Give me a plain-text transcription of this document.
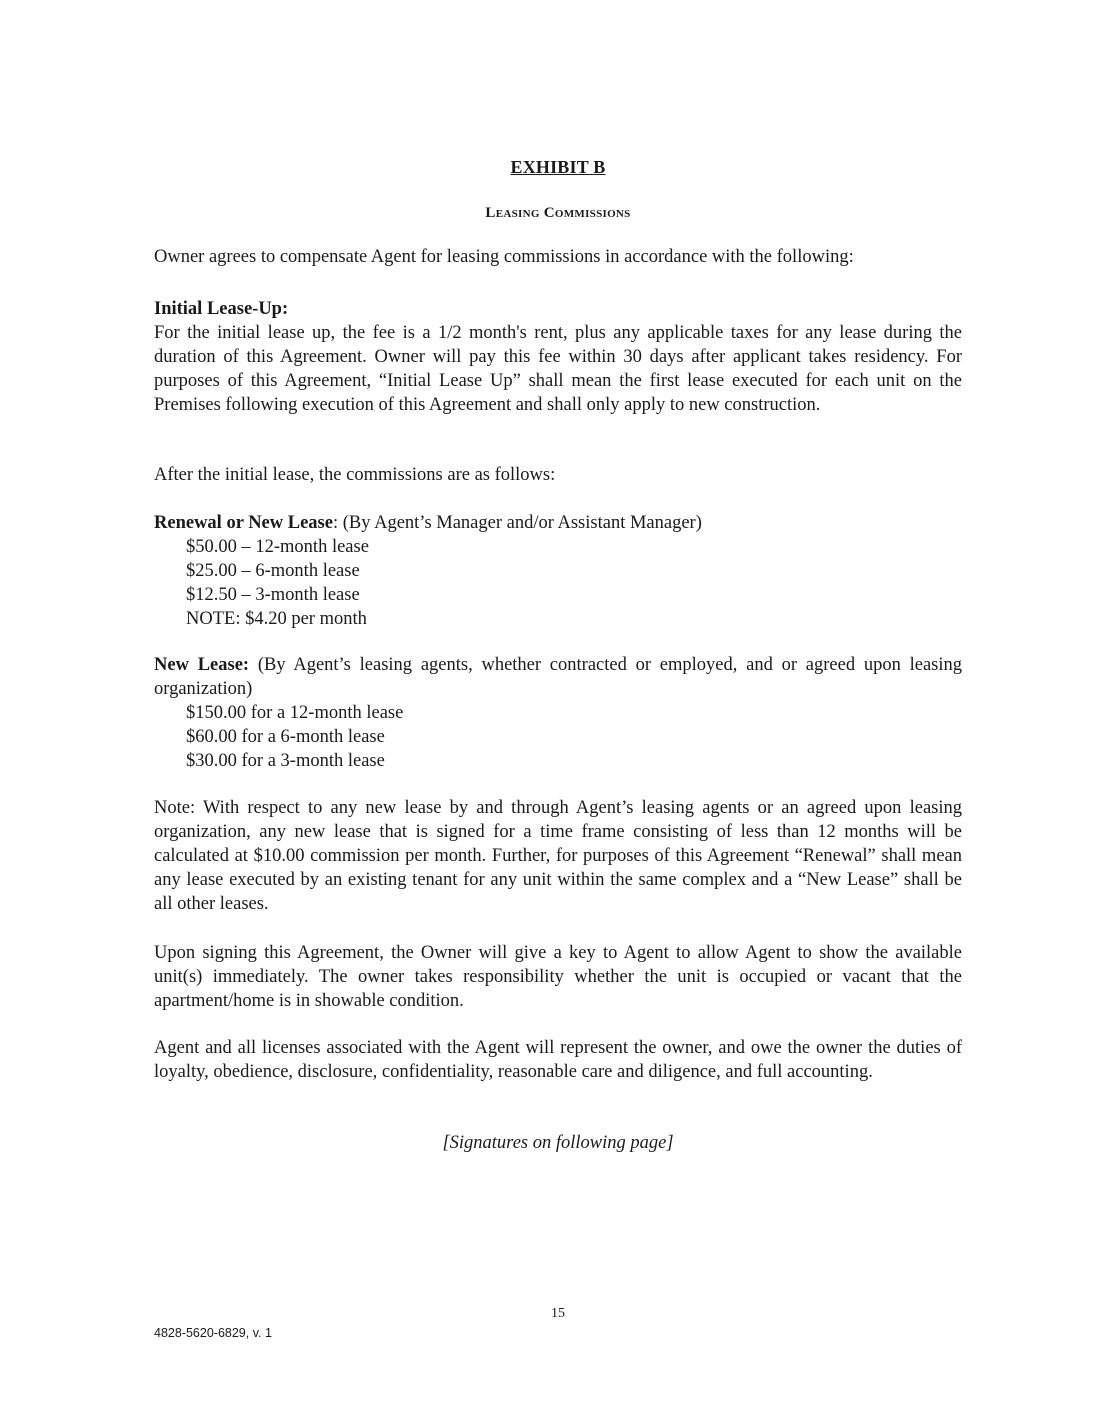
EXHIBIT B
Leasing Commissions
Owner agrees to compensate Agent for leasing commissions in accordance with the following:
Initial Lease-Up:
For the initial lease up, the fee is a 1/2 month's rent, plus any applicable taxes for any lease during the duration of this Agreement. Owner will pay this fee within 30 days after applicant takes residency. For purposes of this Agreement, “Initial Lease Up” shall mean the first lease executed for each unit on the Premises following execution of this Agreement and shall only apply to new construction.
After the initial lease, the commissions are as follows:
Renewal or New Lease: (By Agent’s Manager and/or Assistant Manager)
$50.00 – 12-month lease
$25.00 – 6-month lease
$12.50 – 3-month lease
NOTE: $4.20 per month
New Lease: (By Agent’s leasing agents, whether contracted or employed, and or agreed upon leasing organization)
$150.00 for a 12-month lease
$60.00 for a 6-month lease
$30.00 for a 3-month lease
Note: With respect to any new lease by and through Agent’s leasing agents or an agreed upon leasing organization, any new lease that is signed for a time frame consisting of less than 12 months will be calculated at $10.00 commission per month. Further, for purposes of this Agreement “Renewal” shall mean any lease executed by an existing tenant for any unit within the same complex and a “New Lease” shall be all other leases.
Upon signing this Agreement, the Owner will give a key to Agent to allow Agent to show the available unit(s) immediately. The owner takes responsibility whether the unit is occupied or vacant that the apartment/home is in showable condition.
Agent and all licenses associated with the Agent will represent the owner, and owe the owner the duties of loyalty, obedience, disclosure, confidentiality, reasonable care and diligence, and full accounting.
[Signatures on following page]
15
4828-5620-6829, v. 1
